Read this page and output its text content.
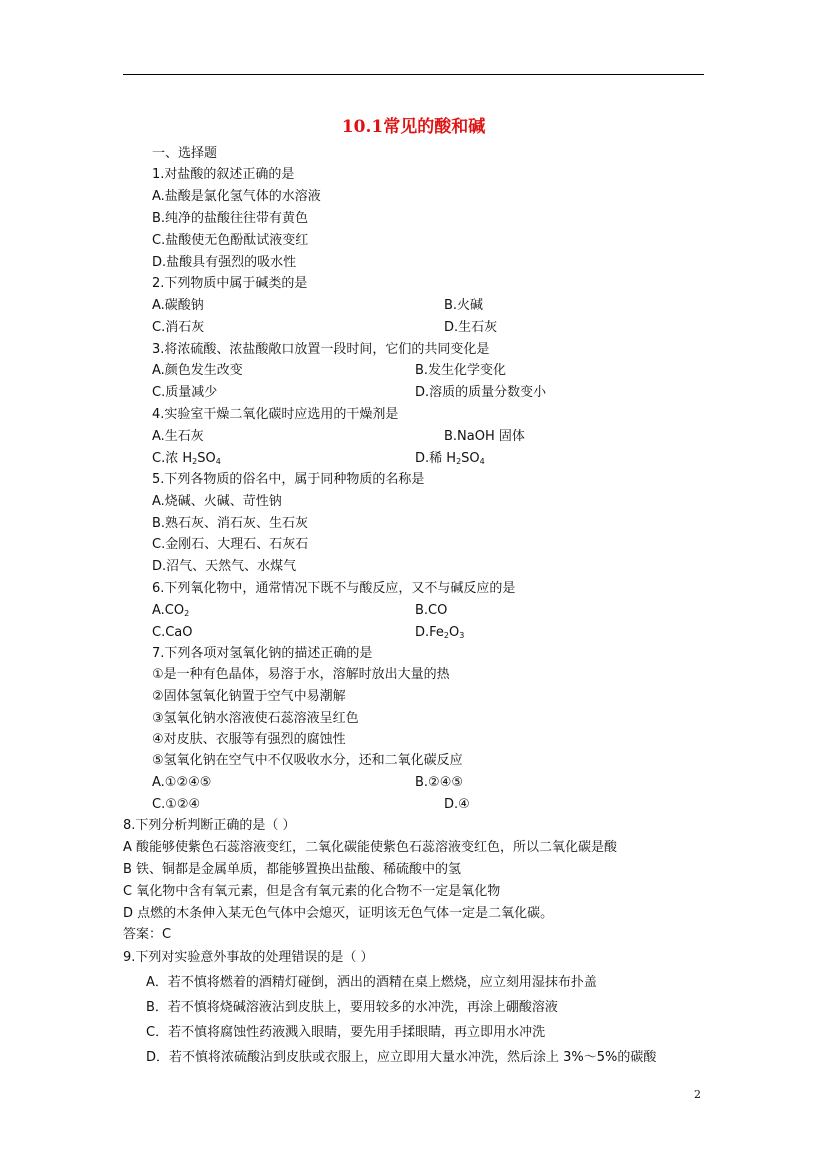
10.1常见的酸和碱
一、选择题
1.对盐酸的叙述正确的是
A.盐酸是氯化氢气体的水溶液
B.纯净的盐酸往往带有黄色
C.盐酸使无色酚酞试液变红
D.盐酸具有强烈的吸水性
2.下列物质中属于碱类的是
A.碳酸钠	B.火碱
C.消石灰	D.生石灰
3.将浓硫酸、浓盐酸敞口放置一段时间，它们的共同变化是
A.颜色发生改变	B.发生化学变化
C.质量减少	D.溶质的质量分数变小
4.实验室干燥二氧化碳时应选用的干燥剂是
A.生石灰	B.NaOH 固体
C.浓 $H_2SO_4$	D.稀 $H_2SO_4$
5.下列各物质的俗名中，属于同种物质的名称是
A.烧碱、火碱、苛性钠
B.熟石灰、消石灰、生石灰
C.金刚石、大理石、石灰石
D.沼气、天然气、水煤气
6.下列氧化物中，通常情况下既不与酸反应，又不与碱反应的是
$A.CO_2$	B.CO
C.CaO	$D.Fe_2O_3$
7.下列各项对氢氧化钠的描述正确的是
①是一种有色晶体，易溶于水，溶解时放出大量的热
②固体氢氧化钠置于空气中易潮解
③氢氧化钠水溶液使石蕊溶液呈红色
④对皮肤、衣服等有强烈的腐蚀性
⑤氢氧化钠在空气中不仅吸收水分，还和二氧化碳反应
A.①②④⑤	B.②④⑤
C.①②④	D.④
8.下列分析判断正确的是（ ）
A 酸能够使紫色石蕊溶液变红，二氧化碳能使紫色石蕊溶液变红色，所以二氧化碳是酸
B 铁、铜都是金属单质，都能够置换出盐酸、稀硫酸中的氢
C 氧化物中含有氧元素，但是含有氧元素的化合物不一定是氧化物
D 点燃的木条伸入某无色气体中会熄灭，证明该无色气体一定是二氧化碳。
答案：C
9.下列对实验意外事故的处理错误的是（ ）
A．若不慎将燃着的酒精灯碰倒，洒出的酒精在桌上燃烧，应立刻用湿抹布扑盖
B．若不慎将烧碱溶液沾到皮肤上，要用较多的水冲洗，再涂上硼酸溶液
C．若不慎将腐蚀性药液溅入眼睛，要先用手揉眼睛，再立即用水冲洗
D．若不慎将浓硫酸沾到皮肤或衣服上，应立即用大量水冲洗，然后涂上 3%～5%的碳酸
2
